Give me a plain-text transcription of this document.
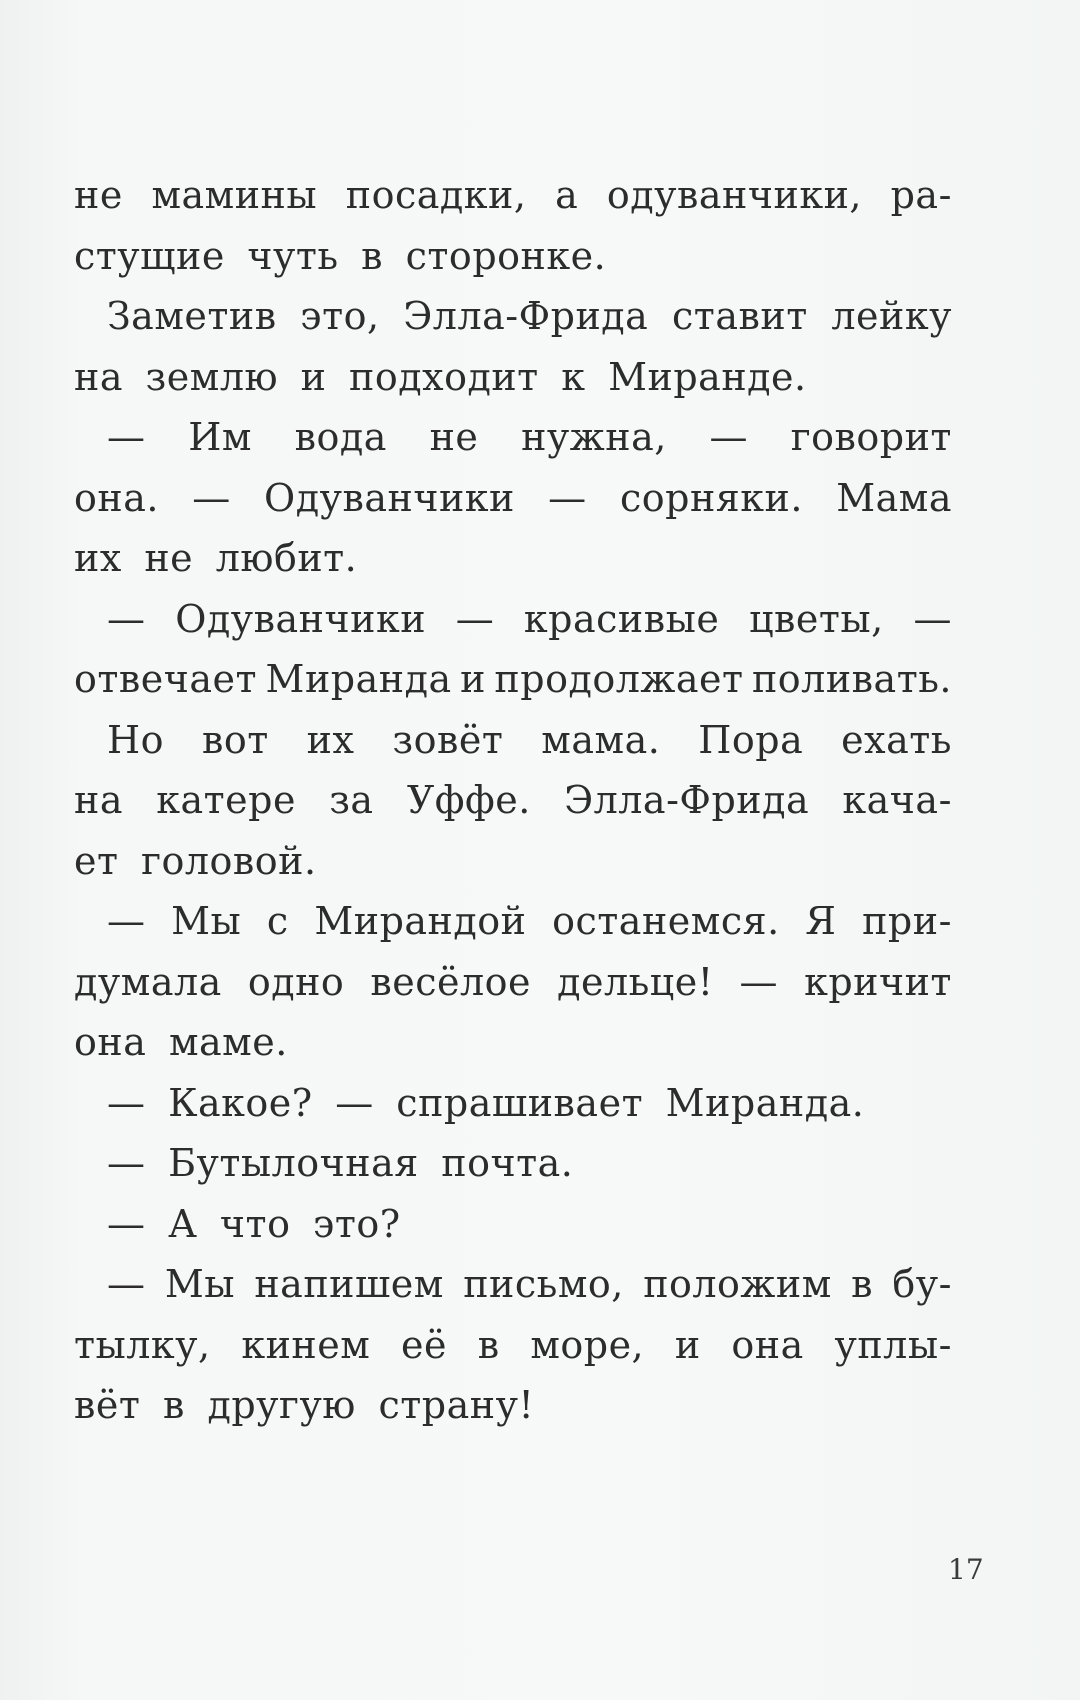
не мамины посадки, а одуванчики, ра-
стущие чуть в сторонке.
Заметив это, Элла-Фрида ставит лейку
на землю и подходит к Миранде.
— Им вода не нужна, — говорит
она. — Одуванчики — сорняки. Мама
их не любит.
— Одуванчики — красивые цветы, —
отвечает Миранда и продолжает поливать.
Но вот их зовёт мама. Пора ехать
на катере за Уффе. Элла-Фрида кача-
ет головой.
— Мы с Мирандой останемся. Я при-
думала одно весёлое дельце! — кричит
она маме.
— Какое? — спрашивает Миранда.
— Бутылочная почта.
— А что это?
— Мы напишем письмо, положим в бу-
тылку, кинем её в море, и она уплы-
вёт в другую страну!
17
